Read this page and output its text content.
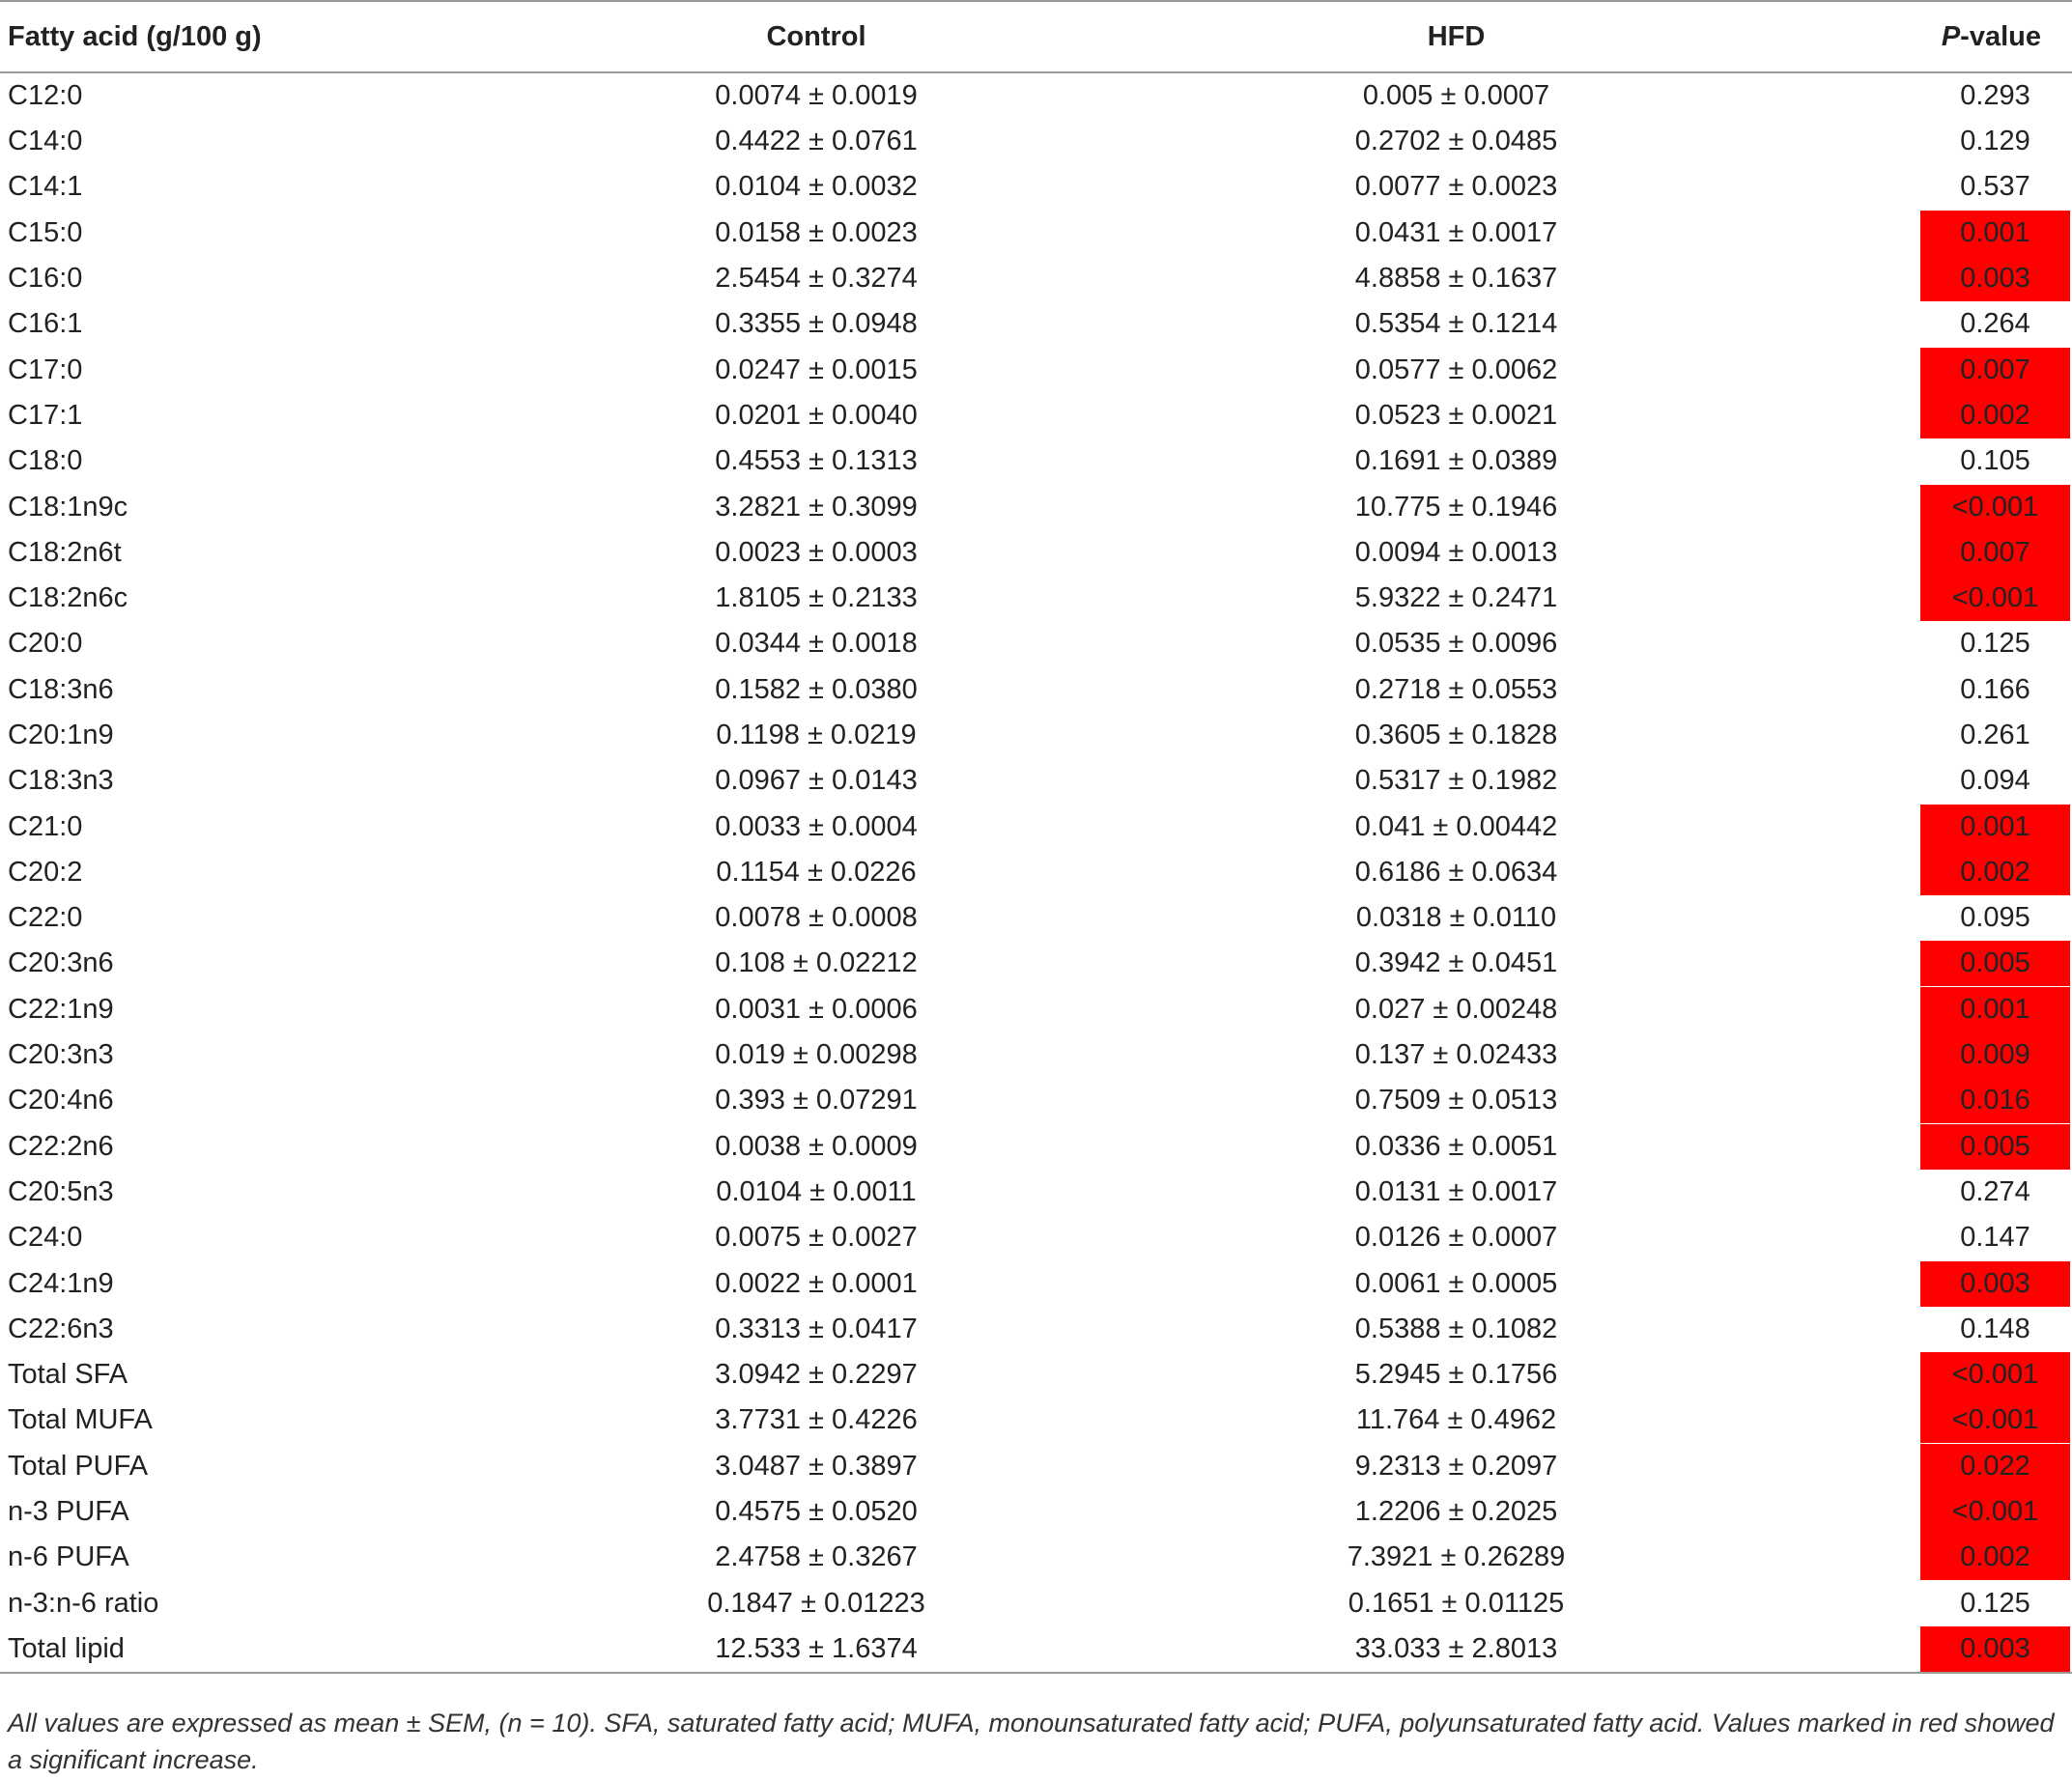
Fatty acid (g/100 g)	Control	HFD	P-value
C12:0	0.0074 ± 0.0019	0.005 ± 0.0007	0.293
C14:0	0.4422 ± 0.0761	0.2702 ± 0.0485	0.129
C14:1	0.0104 ± 0.0032	0.0077 ± 0.0023	0.537
C15:0	0.0158 ± 0.0023	0.0431 ± 0.0017	0.001
C16:0	2.5454 ± 0.3274	4.8858 ± 0.1637	0.003
C16:1	0.3355 ± 0.0948	0.5354 ± 0.1214	0.264
C17:0	0.0247 ± 0.0015	0.0577 ± 0.0062	0.007
C17:1	0.0201 ± 0.0040	0.0523 ± 0.0021	0.002
C18:0	0.4553 ± 0.1313	0.1691 ± 0.0389	0.105
C18:1n9c	3.2821 ± 0.3099	10.775 ± 0.1946	<0.001
C18:2n6t	0.0023 ± 0.0003	0.0094 ± 0.0013	0.007
C18:2n6c	1.8105 ± 0.2133	5.9322 ± 0.2471	<0.001
C20:0	0.0344 ± 0.0018	0.0535 ± 0.0096	0.125
C18:3n6	0.1582 ± 0.0380	0.2718 ± 0.0553	0.166
C20:1n9	0.1198 ± 0.0219	0.3605 ± 0.1828	0.261
C18:3n3	0.0967 ± 0.0143	0.5317 ± 0.1982	0.094
C21:0	0.0033 ± 0.0004	0.041 ± 0.00442	0.001
C20:2	0.1154 ± 0.0226	0.6186 ± 0.0634	0.002
C22:0	0.0078 ± 0.0008	0.0318 ± 0.0110	0.095
C20:3n6	0.108 ± 0.02212	0.3942 ± 0.0451	0.005
C22:1n9	0.0031 ± 0.0006	0.027 ± 0.00248	0.001
C20:3n3	0.019 ± 0.00298	0.137 ± 0.02433	0.009
C20:4n6	0.393 ± 0.07291	0.7509 ± 0.0513	0.016
C22:2n6	0.0038 ± 0.0009	0.0336 ± 0.0051	0.005
C20:5n3	0.0104 ± 0.0011	0.0131 ± 0.0017	0.274
C24:0	0.0075 ± 0.0027	0.0126 ± 0.0007	0.147
C24:1n9	0.0022 ± 0.0001	0.0061 ± 0.0005	0.003
C22:6n3	0.3313 ± 0.0417	0.5388 ± 0.1082	0.148
Total SFA	3.0942 ± 0.2297	5.2945 ± 0.1756	<0.001
Total MUFA	3.7731 ± 0.4226	11.764 ± 0.4962	<0.001
Total PUFA	3.0487 ± 0.3897	9.2313 ± 0.2097	0.022
n-3 PUFA	0.4575 ± 0.0520	1.2206 ± 0.2025	<0.001
n-6 PUFA	2.4758 ± 0.3267	7.3921 ± 0.26289	0.002
n-3:n-6 ratio	0.1847 ± 0.01223	0.1651 ± 0.01125	0.125
Total lipid	12.533 ± 1.6374	33.033 ± 2.8013	0.003
All values are expressed as mean ± SEM, (n = 10). SFA, saturated fatty acid; MUFA, monounsaturated fatty acid; PUFA, polyunsaturated fatty acid. Values marked in red showed a significant increase.
